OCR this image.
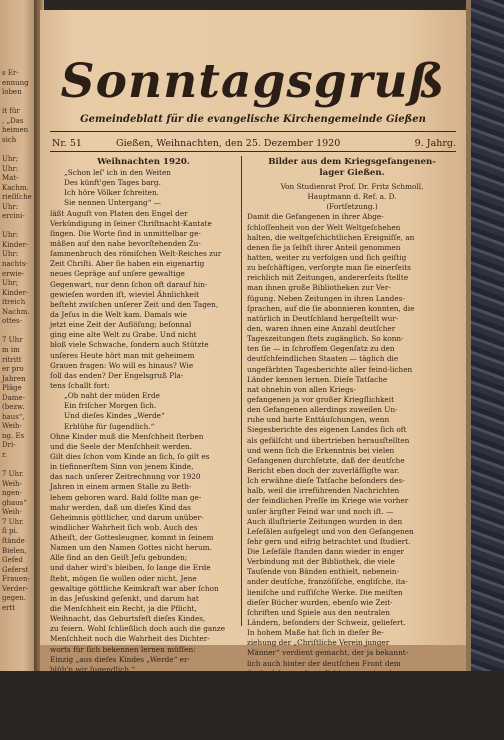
s Er-
ennung
loben
it für
, „Das
heimen
sich
Uhr;
Uhr:
Mat-
Kachm.
rieſiſche
Uhr:
ercini-
Uhr:
Kinder-
Uhr:
nachts-
erwie-
Uhr;
Kinder-
itreich
Nachm.
ottes-
7 Uhr
m im
ritritt
er pro
Jahren
Pläge
Dame-
(bezw.
haus“,
Weih-
ng. Es
Dri-
r.
7 Uhr.
Weih-
ngen-
ghaus“
Weih-
7 Uhr.
ſi pi.
ſtände
Bielen,
Gefed
Geferst
Frauen-
Verder-
gegen.
ertt
Sonntagsgruß
Gemeindeblatt für die evangelische Kirchengemeinde Gießen
Nr. 51	Gießen, Weihnachten, den 25. Dezember 1920	9. Jahrg.
Weihnachten 1920.
„Schon leſ' ich in den Weiten
Des künft'gen Tages barg.
Ich höre Völker ſchreiten.
Sie nennen Untergang“ —
läßt Auguſt von Platen den Engel der
Verkündigung in ſeiner Chriſtnacht-Kantate
ſingen. Die Worte ſind in unmittelbar ge-
mäßen auf den nahe bevorſtehenden Zu-
ſammenbruch des römiſchen Welt-Reiches zur
Zeit Chriſti. Aber ſie haben ein eigenartig
neues Gepräge auf unſere gewaltige
Gegenwart, nur denn ſchon oft darauf hin-
gewieſen worden iſt, wieviel Ähnlichkeit
beſteht zwiſchen unſerer Zeit und den Tagen,
da Jeſus in die Welt kam. Damals wie
jetzt eine Zeit der Auflöſung; beſonnal
ging eine alte Welt zu Grabe. Und nicht
bloß viele Schwache, ſondern auch Stützte
unſeres Heute hört man mit geheimem
Grauen fragen: Wo will es hinaus? Wie
ſoll das enden? Der Engelsgruß Pla-
tens ſchallt fort:
„Ob naht der müden Erde
Ein friſcher Morgen ſich.
Und dieſes Kindes „Werde“
Erblühe für ſugendlich.“
Ohne Kinder muß die Menſchheit ſterben
und die Seele der Menſchheit werden.
Gilt dies ſchon vom Kinde an ſich, ſo gilt es
in tiefinnerſtem Sinn von jenem Kinde,
das nach unſerer Zeitrechnung vor 1920
Jahren in einem armen Stalle zu Beth-
lehem geboren ward. Bald ſollte man ge-
mahr werden, daß um dieſes Kind das
Geheimnis göttlicher, und darum unüber-
windlicher Wahrheit ſich wob. Auch des
Atheiſt, der Gottesleugner, kommt in ſeinem
Namen um den Namen Gottes nicht herum.
Alle ſind an den Geiſt Jeſu gebunden;
und daher wird's bleiben, ſo lange die Erde
ſteht, mögen ſie wollen oder nicht. Jene
gewaltige göttliche Keimkraft war aber ſchon
in das Jeſuskind geſenkt, und darum hat
die Menſchheit ein Recht, ja die Pflicht,
Weihnacht, das Geburtsfeſt dieſes Kindes,
zu feiern. Wohl ſchließlich doch auch die ganze
Menſchheit noch die Wahrheit des Dichter-
worts für ſich bekennen lernen müſſen:
Einzig „aus dieſes Kindes „Werde“ er-
blüh'n wir ſugendlich.“
Bilder aus dem Kriegsgefangenen-
lager Gießen.
Von Studienrat Prof. Dr. Fritz Schmoll,
Hauptmann d. Ref. a. D.
(Fortſetzung.)
Damit die Gefangenen in ihrer Abge-
ſchloſſenheit von der Welt Weltgeſchehen
halten, die weltgeſchichtlichen Ereigniſſe, an
denen ſie ja ſelbſt ihrer Anteil genommen
hatten, weiter zu verfolgen und ſich geiſtig
zu beſchäftigen, verſorgte man ſie einerſeits
reichlich mit Zeitungen, andererſeits ſtellte
man ihnen große Bibliotheken zur Ver-
fügung. Neben Zeitungen in ihren Landes-
ſprachen, auf die ſie abonnieren konnten, die
natürlich in Deutſchland hergeſtellt wur-
den, waren ihnen eine Anzahl deutſcher
Tageszeitungen ſtets zugänglich. So konn-
ten ſie — in ſchroffem Gegenſatz zu den
deutſchfeindlichen Staaten — täglich die
ungefärbten Tagesberichte aller feind-lichen
Länder kennen lernen. Dieſe Tatſache
nat ohnehin von allen Kriegs-
gefangenen ja vor großer Kriegſlichkeit
den Gefangenen allerdings zuweilen Un-
ruhe und harte Enttäuſchungen, wenn
Siegesberichte des eigenen Landes ſich oft
als gefälſcht und übertrieben herausſtellten
und wenn ſich die Erkenntnis bei vielen
Gefangenen durchſetzte, daß der deutſche
Bericht eben doch der zuverläſſigſte war.
Ich erwähne dieſe Tatſache beſonders des-
halb, weil die irreführenden Nachrichten
der feindlichen Preſſe im Kriege wie vorher
unſer ärgſter Feind war und noch iſt. —
Auch illuſtrierte Zeitungen wurden in den
Leſeſälen aufgelegt und von den Gefangenen
ſehr gern und eifrig betrachtet und ſtudiert.
Die Leſeſäle ſtanden dann wieder in enger
Verbindung mit der Bibliothek, die viele
Tauſende von Bänden enthielt, nebenein-
ander deutſche, franzöſiſche, engliſche, ita-
lieniſche und ruſſiſche Werke. Die meiſten
dieſer Bücher wurden, ebenſo wie Zeit-
ſchriften und Spiele aus den neutralen
Ländern, beſonders der Schweiz, geliefert.
In hohem Maße hat ſich in dieſer Be-
ziehung der „Chriſtliche Verein junger
Männer“ verdient gemacht, der ja bekannt-
lich auch hinter der deutſchen Front dem
Seelenleben unſerer Feldgrauen eingehen-
kam. Was unſere Feldbüchereien und Schützen-
graben hat er auch die Gefangenenlager
mit Bibeln, Neuen Teſtamenten, Geſang-
büchern und chriſtlichen Kalendern reichlich
verſorgt. Bemerkenswert dürfte noch die
Tatſache ſein, daß in den letzten Jahren ſich
